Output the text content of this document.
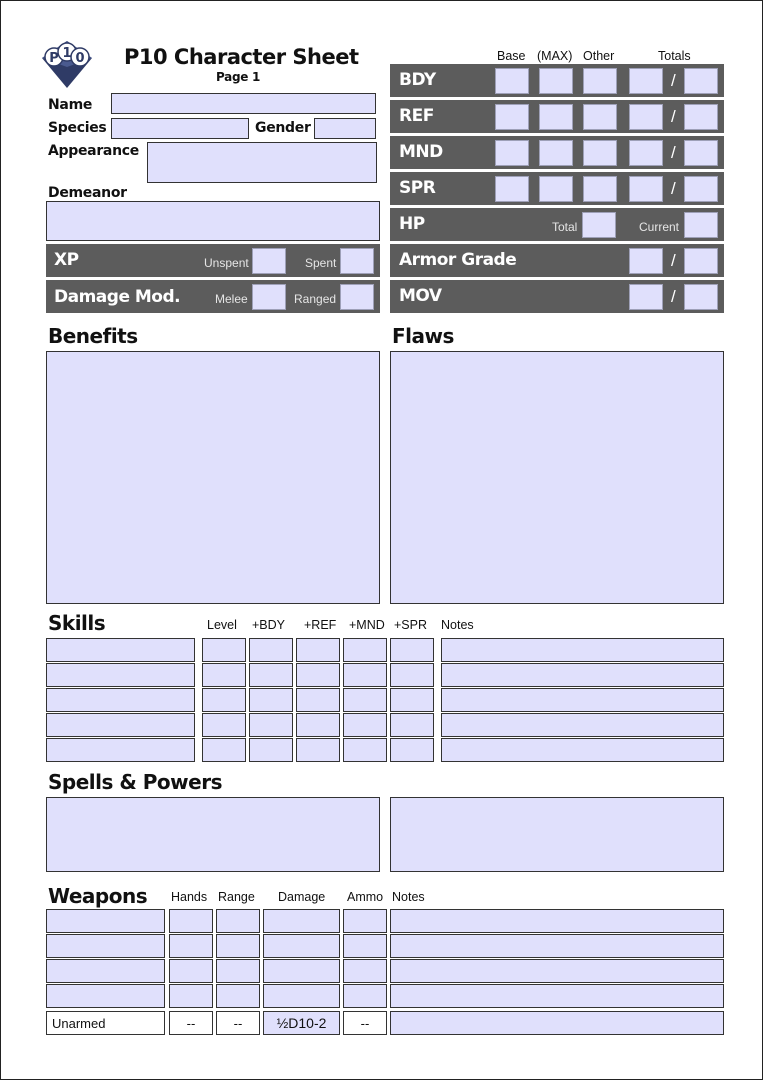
P 1 0 P10 Character Sheet
Page 1
Name
Species	Gender
Appearance
Demeanor
XP	Unspent	Spent
Damage Mod.	Melee	Ranged
Base (MAX) Other	Totals
BDY	/
REF	/
MND	/
SPR	/
HP	Total	Current
Armor Grade	/
MOV	/
Benefits	Flaws
Skills	Level +BDY +REF +MND +SPR Notes
Spells & Powers
Weapons Hands Range Damage Ammo Notes
Unarmed	--	--	½D10-2	--
